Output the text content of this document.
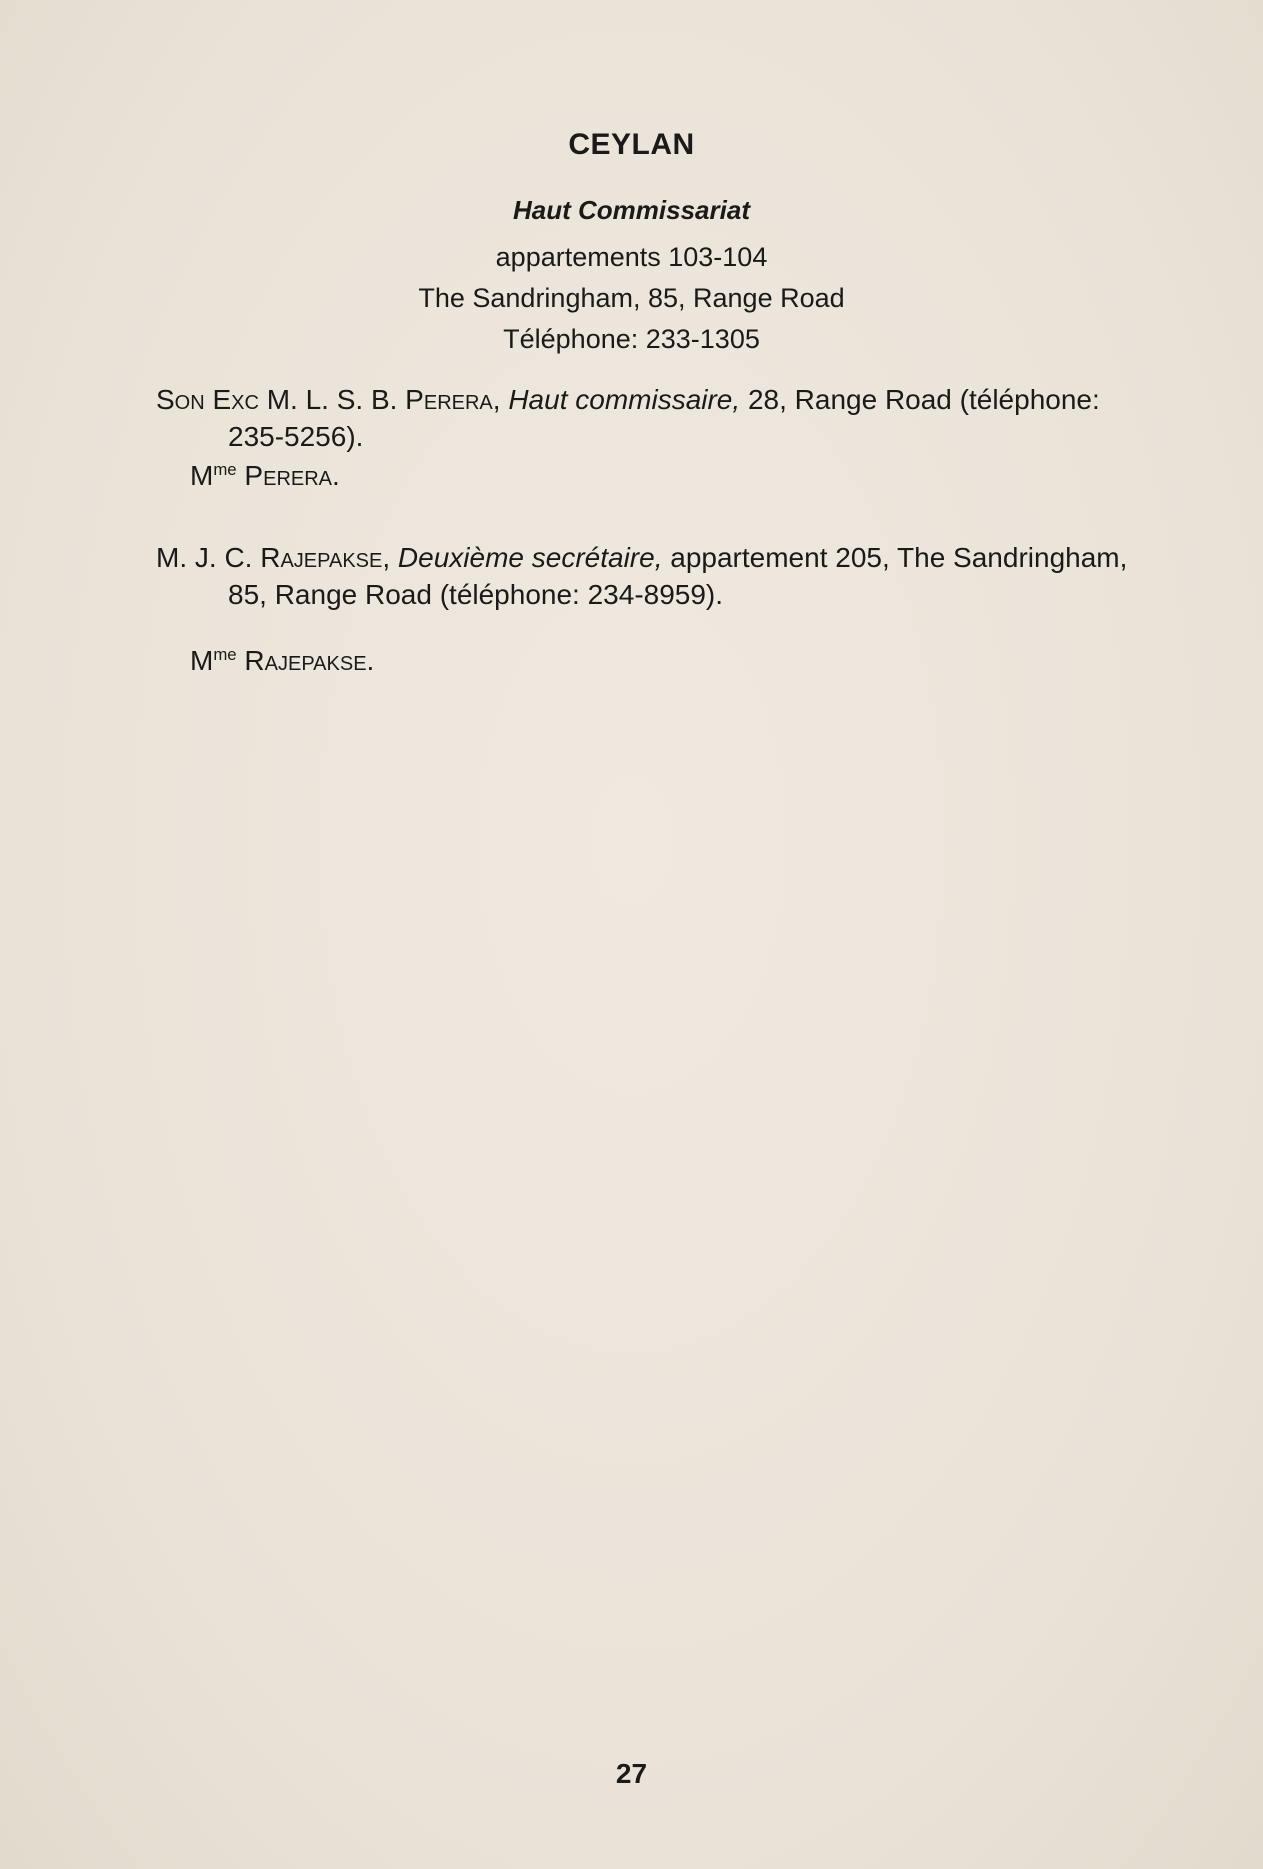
CEYLAN
Haut Commissariat
appartements 103-104
The Sandringham, 85, Range Road
Téléphone: 233-1305
Son Exc M. L. S. B. Perera, Haut commissaire, 28, Range Road (téléphone: 235-5256).
$M^{me}$ Perera.
M. J. C. Rajepakse, Deuxième secrétaire, appartement 205, The Sandringham, 85, Range Road (téléphone: 234-8959).
$M^{me}$ Rajepakse.
27
